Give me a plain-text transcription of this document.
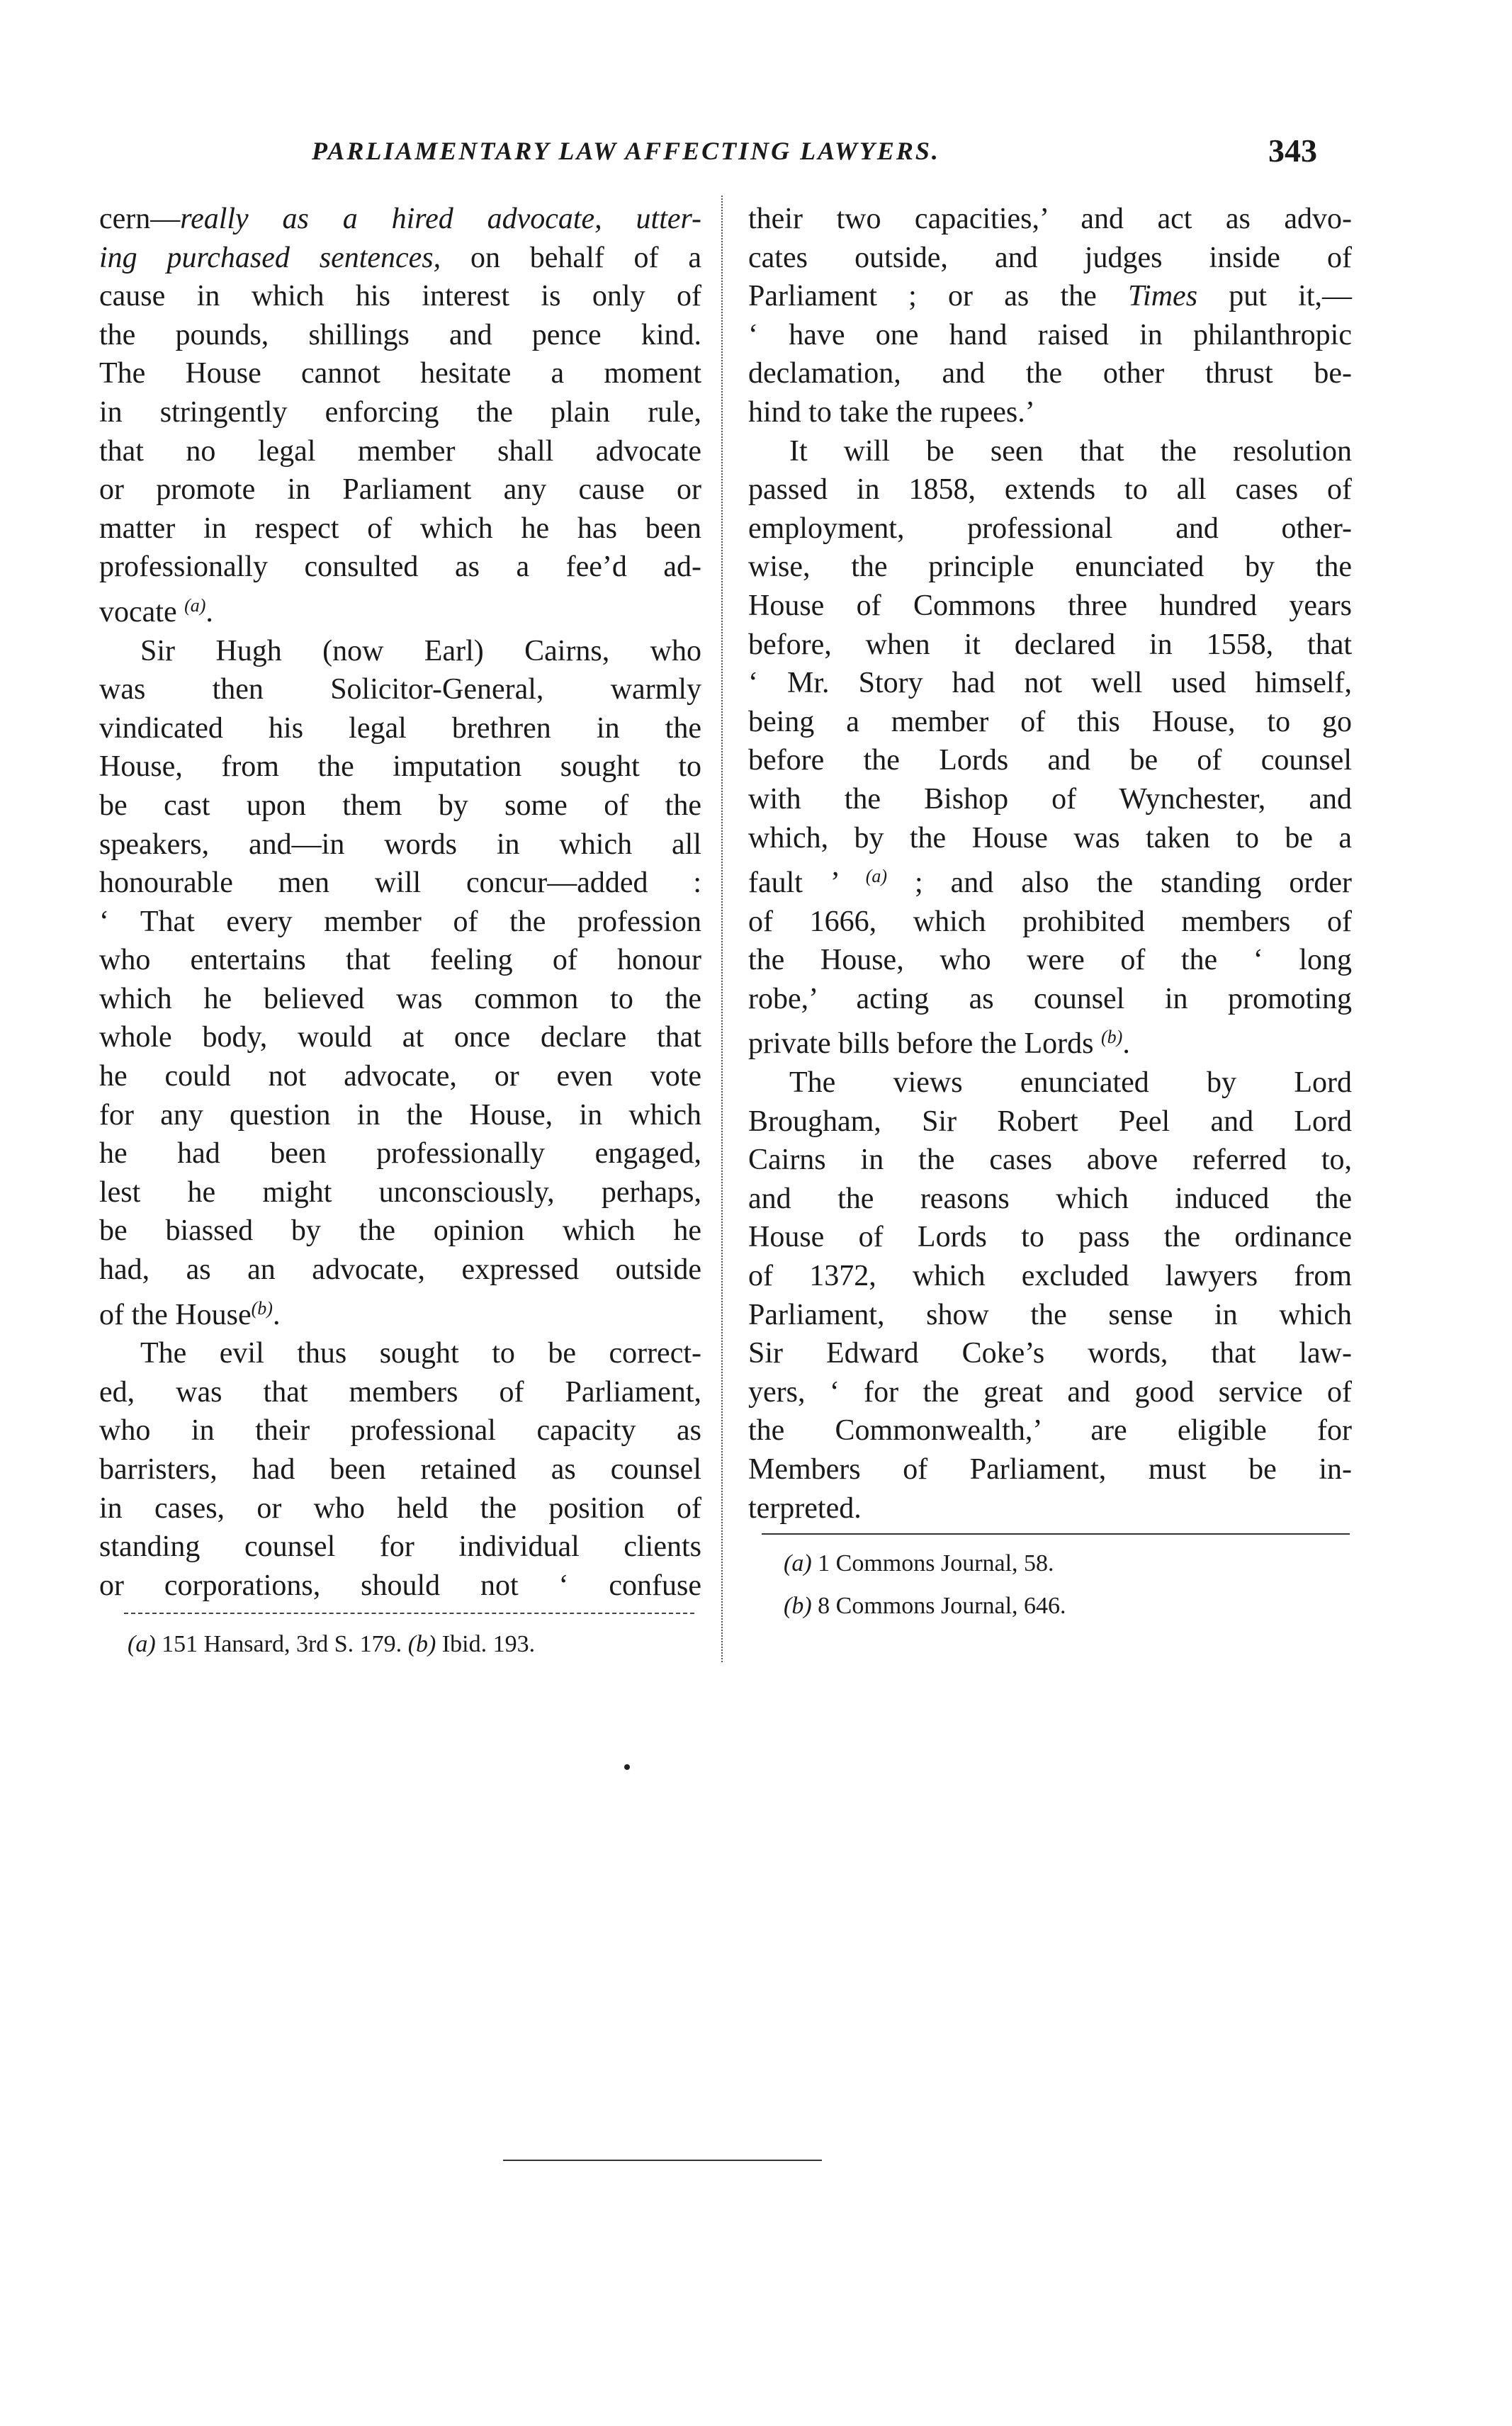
PARLIAMENTARY LAW AFFECTING LAWYERS.	343
cern—really as a hired advocate, utter-
ing purchased sentences, on behalf of a
cause in which his interest is only of
the pounds, shillings and pence kind.
The House cannot hesitate a moment
in stringently enforcing the plain rule,
that no legal member shall advocate
or promote in Parliament any cause or
matter in respect of which he has been
professionally consulted as a fee’d ad-
vocate $^{(a)}$.
Sir Hugh (now Earl) Cairns, who
was then Solicitor-General, warmly
vindicated his legal brethren in the
House, from the imputation sought to
be cast upon them by some of the
speakers, and—in words in which all
honourable men will concur—added :
‘ That every member of the profession
who entertains that feeling of honour
which he believed was common to the
whole body, would at once declare that
he could not advocate, or even vote
for any question in the House, in which
he had been professionally engaged,
lest he might unconsciously, perhaps,
be biassed by the opinion which he
had, as an advocate, expressed outside
of the House$^{(b)}$.
The evil thus sought to be correct-
ed, was that members of Parliament,
who in their professional capacity as
barristers, had been retained as counsel
in cases, or who held the position of
standing counsel for individual clients
or corporations, should not ‘ confuse
(a) 151 Hansard, 3rd S. 179. (b) Ibid. 193.
their two capacities,’ and act as advo-
cates outside, and judges inside of
Parliament ; or as the Times put it,—
‘ have one hand raised in philanthropic
declamation, and the other thrust be-
hind to take the rupees.’
It will be seen that the resolution
passed in 1858, extends to all cases of
employment, professional and other-
wise, the principle enunciated by the
House of Commons three hundred years
before, when it declared in 1558, that
‘ Mr. Story had not well used himself,
being a member of this House, to go
before the Lords and be of counsel
with the Bishop of Wynchester, and
which, by the House was taken to be a
fault ’ $^{(a)}$ ; and also the standing order
of 1666, which prohibited members of
the House, who were of the ‘ long
robe,’ acting as counsel in promoting
private bills before the Lords $^{(b)}$.
The views enunciated by Lord
Brougham, Sir Robert Peel and Lord
Cairns in the cases above referred to,
and the reasons which induced the
House of Lords to pass the ordinance
of 1372, which excluded lawyers from
Parliament, show the sense in which
Sir Edward Coke’s words, that law-
yers, ‘ for the great and good service of
the Commonwealth,’ are eligible for
Members of Parliament, must be in-
terpreted.
(a) 1 Commons Journal, 58.
(b) 8 Commons Journal, 646.
